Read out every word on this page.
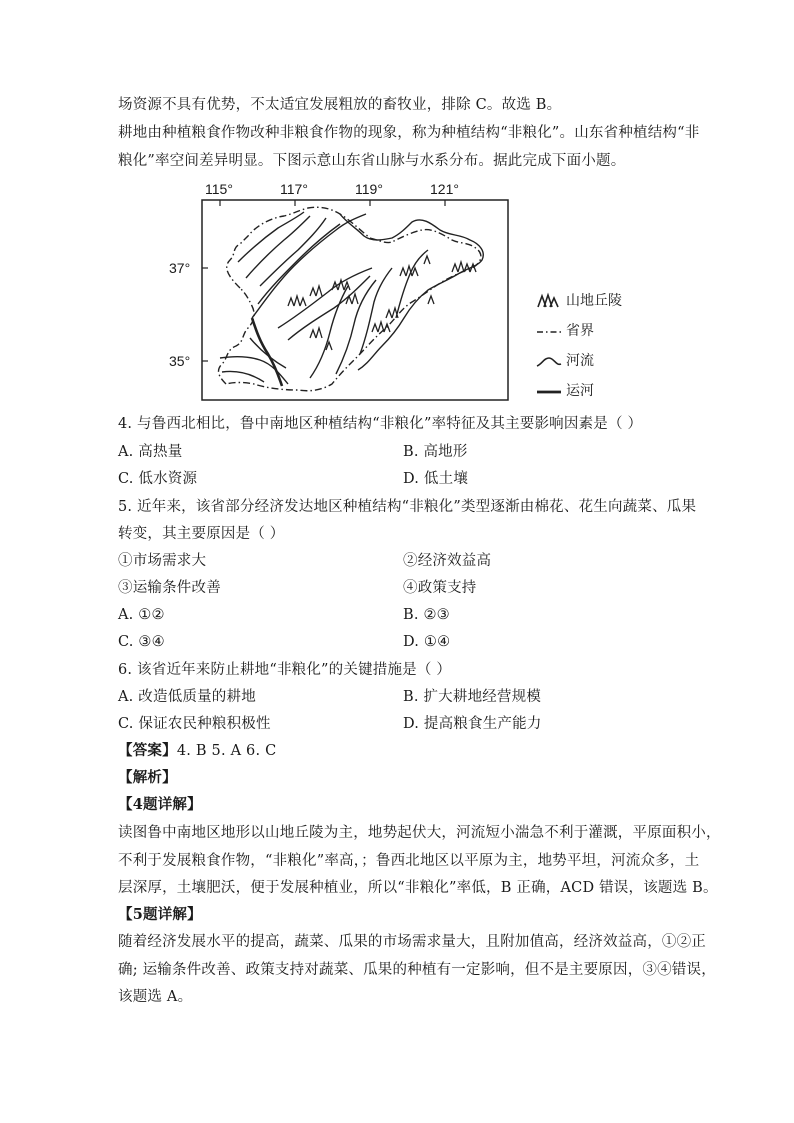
场资源不具有优势，不太适宜发展粗放的畜牧业，排除 C。故选 B。
耕地由种植粮食作物改种非粮食作物的现象，称为种植结构“非粮化”。山东省种植结构“非
粮化”率空间差异明显。下图示意山东省山脉与水系分布。据此完成下面小题。
115°	117°	119°	121°
37°
35°
山地丘陵
省界
河流
运河
4. 与鲁西北相比，鲁中南地区种植结构“非粮化”率特征及其主要影响因素是（ ）
A. 高热量	B. 高地形
C. 低水资源	D. 低土壤
5. 近年来，该省部分经济发达地区种植结构“非粮化”类型逐渐由棉花、花生向蔬菜、瓜果
转变，其主要原因是（ ）
①市场需求大	②经济效益高
③运输条件改善	④政策支持
A. ①②	B. ②③
C. ③④	D. ①④
6. 该省近年来防止耕地“非粮化”的关键措施是（ ）
A. 改造低质量的耕地	B. 扩大耕地经营规模
C. 保证农民种粮积极性	D. 提高粮食生产能力
【答案】4. B 5. A 6. C
【解析】
【4题详解】
读图鲁中南地区地形以山地丘陵为主，地势起伏大，河流短小湍急不利于灌溉，平原面积小，
不利于发展粮食作物，“非粮化”率高，；鲁西北地区以平原为主，地势平坦，河流众多，土
层深厚，土壤肥沃，便于发展种植业，所以“非粮化”率低，B 正确，ACD 错误，该题选 B。
【5题详解】
随着经济发展水平的提高，蔬菜、瓜果的市场需求量大，且附加值高，经济效益高，①②正
确; 运输条件改善、政策支持对蔬菜、瓜果的种植有一定影响，但不是主要原因，③④错误，
该题选 A。
